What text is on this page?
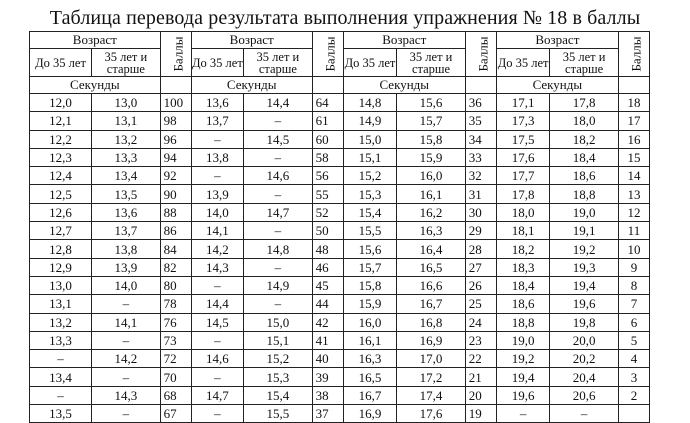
Таблица перевода результата выполнения упражнения № 18 в баллы
Возраст		Баллы	Возраст		Баллы	Возраст		Баллы	Возраст		Баллы
До 35 лет	35 лет и старше		До 35 лет	35 лет и старше		До 35 лет	35 лет и старше		До 35 лет	35 лет и старше	
Секунды			Секунды			Секунды			Секунды		
12,0	13,0	100	13,6	14,4	64	14,8	15,6	36	17,1	17,8	18
12,1	13,1	98	13,7	–	61	14,9	15,7	35	17,3	18,0	17
12,2	13,2	96	–	14,5	60	15,0	15,8	34	17,5	18,2	16
12,3	13,3	94	13,8	–	58	15,1	15,9	33	17,6	18,4	15
12,4	13,4	92	–	14,6	56	15,2	16,0	32	17,7	18,6	14
12,5	13,5	90	13,9	–	55	15,3	16,1	31	17,8	18,8	13
12,6	13,6	88	14,0	14,7	52	15,4	16,2	30	18,0	19,0	12
12,7	13,7	86	14,1	–	50	15,5	16,3	29	18,1	19,1	11
12,8	13,8	84	14,2	14,8	48	15,6	16,4	28	18,2	19,2	10
12,9	13,9	82	14,3	–	46	15,7	16,5	27	18,3	19,3	9
13,0	14,0	80	–	14,9	45	15,8	16,6	26	18,4	19,4	8
13,1	–	78	14,4	–	44	15,9	16,7	25	18,6	19,6	7
13,2	14,1	76	14,5	15,0	42	16,0	16,8	24	18,8	19,8	6
13,3	–	73	–	15,1	41	16,1	16,9	23	19,0	20,0	5
–	14,2	72	14,6	15,2	40	16,3	17,0	22	19,2	20,2	4
13,4	–	70	–	15,3	39	16,5	17,2	21	19,4	20,4	3
–	14,3	68	14,7	15,4	38	16,7	17,4	20	19,6	20,6	2
13,5	–	67	–	15,5	37	16,9	17,6	19	–	–	
